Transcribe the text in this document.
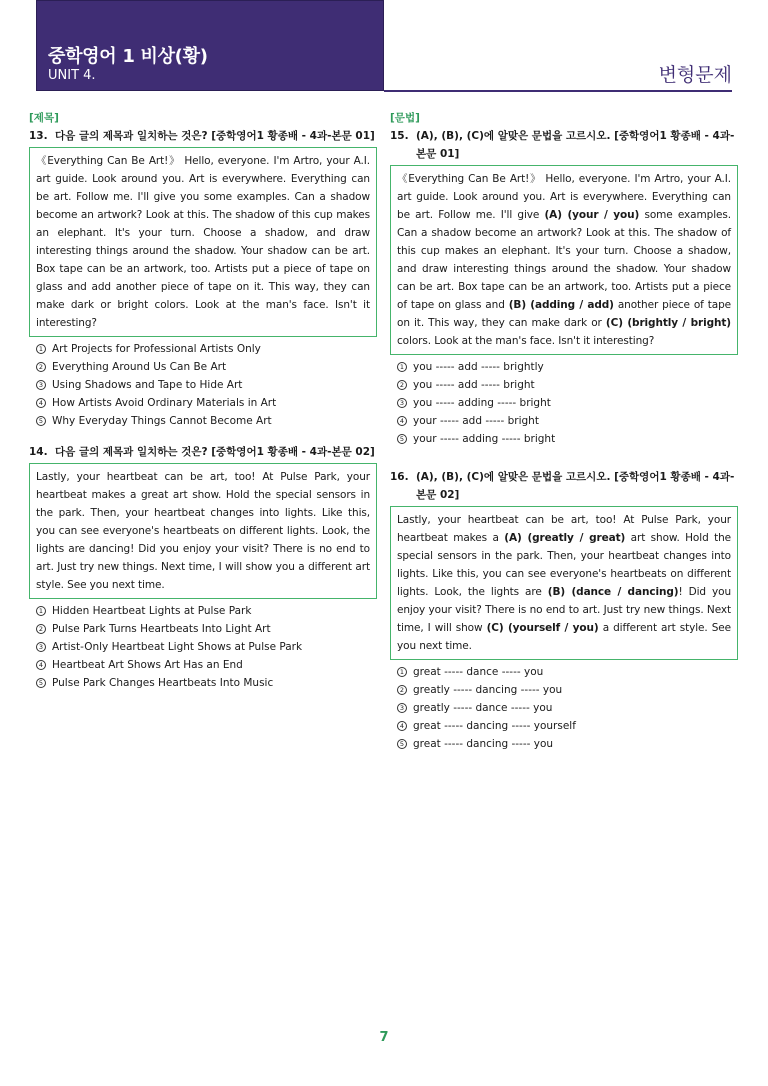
중학영어 1 비상(황)
UNIT 4.	변형문제
[제목]
13. 다음 글의 제목과 일치하는 것은? [중학영어1 황종배 - 4과-본문 01]
《Everything Can Be Art!》 Hello, everyone. I'm Artro, your A.I. art guide. Look around you. Art is everywhere. Everything can be art. Follow me. I'll give you some examples. Can a shadow become an artwork? Look at this. The shadow of this cup makes an elephant. It's your turn. Choose a shadow, and draw interesting things around the shadow. Your shadow can be art. Box tape can be an artwork, too. Artists put a piece of tape on glass and add another piece of tape on it. This way, they can make dark or bright colors. Look at the man's face. Isn't it interesting?
1 Art Projects for Professional Artists Only
2 Everything Around Us Can Be Art
3 Using Shadows and Tape to Hide Art
4 How Artists Avoid Ordinary Materials in Art
5 Why Everyday Things Cannot Become Art
14. 다음 글의 제목과 일치하는 것은? [중학영어1 황종배 - 4과-본문 02]
Lastly, your heartbeat can be art, too! At Pulse Park, your heartbeat makes a great art show. Hold the special sensors in the park. Then, your heartbeat changes into lights. Like this, you can see everyone's heartbeats on different lights. Look, the lights are dancing! Did you enjoy your visit? There is no end to art. Just try new things. Next time, I will show you a different art style. See you next time.
1 Hidden Heartbeat Lights at Pulse Park
2 Pulse Park Turns Heartbeats Into Light Art
3 Artist-Only Heartbeat Light Shows at Pulse Park
4 Heartbeat Art Shows Art Has an End
5 Pulse Park Changes Heartbeats Into Music
[문법]
15. (A), (B), (C)에 알맞은 문법을 고르시오. [중학영어1 황종배 - 4과-본문 01]
《Everything Can Be Art!》 Hello, everyone. I'm Artro, your A.I. art guide. Look around you. Art is everywhere. Everything can be art. Follow me. I'll give (A) (your / you) some examples. Can a shadow become an artwork? Look at this. The shadow of this cup makes an elephant. It's your turn. Choose a shadow, and draw interesting things around the shadow. Your shadow can be art. Box tape can be an artwork, too. Artists put a piece of tape on glass and (B) (adding / add) another piece of tape on it. This way, they can make dark or (C) (brightly / bright) colors. Look at the man's face. Isn't it interesting?
1 you ----- add ----- brightly
2 you ----- add ----- bright
3 you ----- adding ----- bright
4 your ----- add ----- bright
5 your ----- adding ----- bright
16. (A), (B), (C)에 알맞은 문법을 고르시오. [중학영어1 황종배 - 4과-본문 02]
Lastly, your heartbeat can be art, too! At Pulse Park, your heartbeat makes a (A) (greatly / great) art show. Hold the special sensors in the park. Then, your heartbeat changes into lights. Like this, you can see everyone's heartbeats on different lights. Look, the lights are (B) (dance / dancing)! Did you enjoy your visit? There is no end to art. Just try new things. Next time, I will show (C) (yourself / you) a different art style. See you next time.
1 great ----- dance ----- you
2 greatly ----- dancing ----- you
3 greatly ----- dance ----- you
4 great ----- dancing ----- yourself
5 great ----- dancing ----- you
7
